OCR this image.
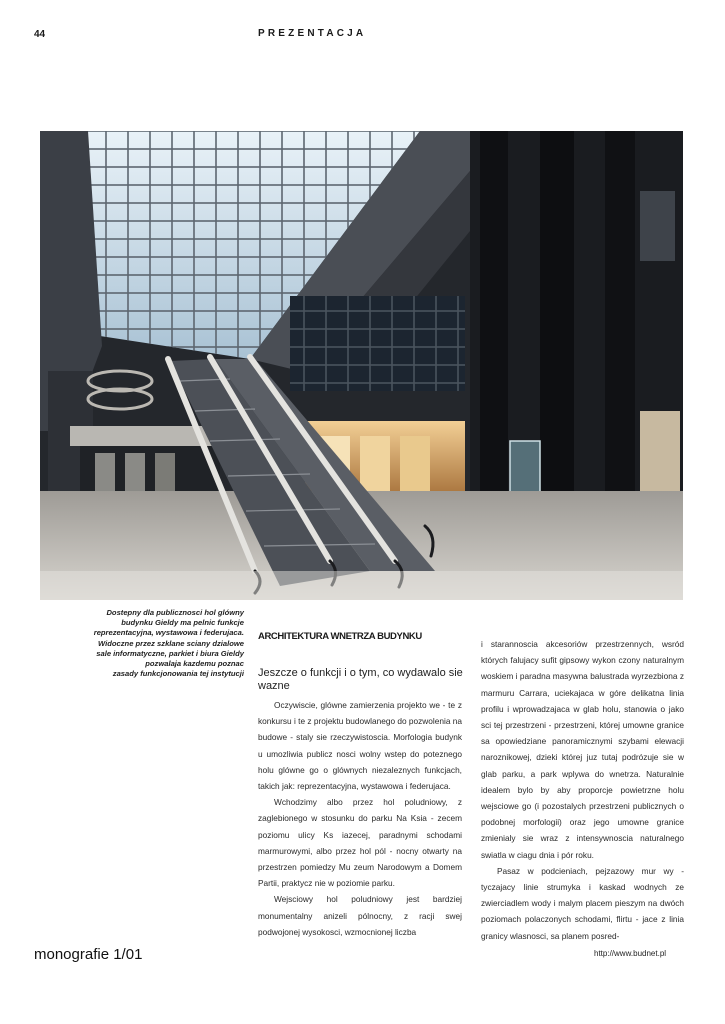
44	PREZENTACJA
Dostepny dla publicznosci hol glówny
budynku Gieldy ma pelnic funkcje
reprezentacyjna, wystawowa i federujaca.
Widoczne przez szklane sciany dzialowe
sale informatyczne, parkiet i biura Gieldy
pozwalaja kazdemu poznac
zasady funkcjonowania tej instytucji
ARCHITEKTURA WNETRZA BUDYNKU
Jeszcze o funkcji i o tym, co wydawalo sie wazne

Oczywiscie, glówne zamierzenia projekto we - te z konkursu i te z projektu budowlanego do pozwolenia na budowe - staly sie rzeczywistoscia. Morfologia budynk u umozliwia publicz nosci wolny wstep do poteznego holu glówne go o glównych niezaleznych funkcjach, takich jak: reprezentacyjna, wystawowa i federujaca.

Wchodzimy albo przez hol poludniowy, z zaglebionego w stosunku do parku Na Ksia - zecem poziomu ulicy Ks iazecej, paradnymi schodami marmurowymi, albo przez hol pól - nocny otwarty na przestrzen pomiedzy Mu zeum Narodowym a Domem Partii, praktycz nie w poziomie parku.

Wejsciowy hol poludniowy jest bardziej monumentalny anizeli pólnocny, z racji swej podwojonej wysokosci, wzmocnionej liczba

i starannoscia akcesoriów przestrzennych, wsród których falujacy sufit gipsowy wykon czony naturalnym woskiem i paradna masywna balustrada wyrzezbiona z marmuru Carrara, uciekajaca w góre delikatna linia profilu i wprowadzajaca w glab holu, stanowia o jako sci tej przestrzeni - przestrzeni, której umowne granice sa opowiedziane panoramicznymi szybami elewacji naroznikowej, dzieki której juz tutaj podrózuje sie w glab parku, a park wplywa do wnetrza. Naturalnie idealem bylo by aby proporcje powietrzne holu wejsciowe go (i pozostalych przestrzeni publicznych o podobnej morfologii) oraz jego umowne granice zmienialy sie wraz z intensywnoscia naturalnego swiatla w ciagu dnia i pór roku.

Pasaz w podcieniach, pejzazowy mur wy - tyczajacy linie strumyka i kaskad wodnych ze zwierciadlem wody i malym placem pieszym na dwóch poziomach polaczonych schodami, flirtu - jace z linia granicy wlasnosci, sa planem posred-

monografie 1/01	http://www.budnet.pl
